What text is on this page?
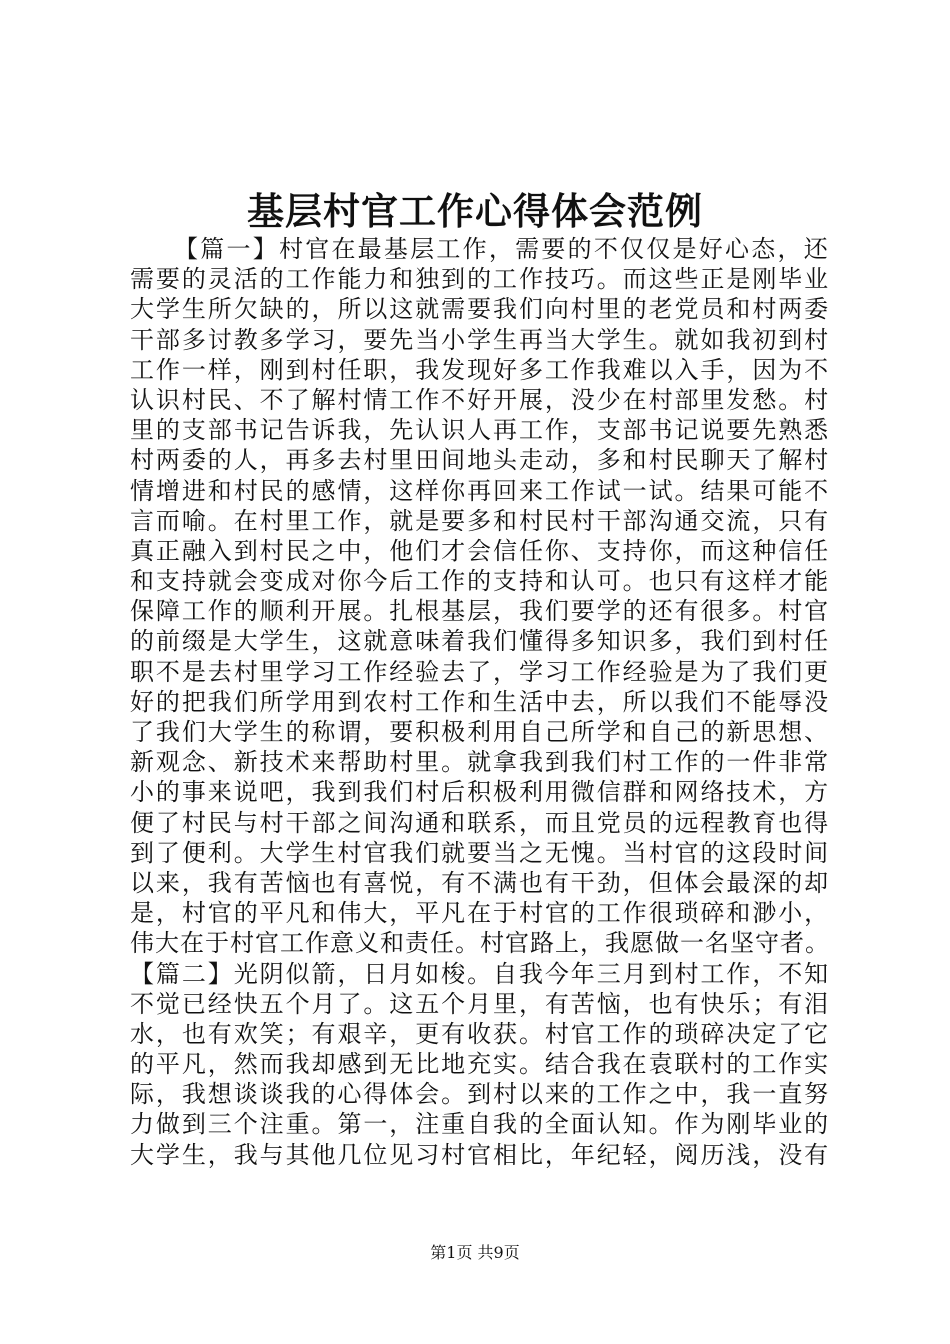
基层村官工作心得体会范例
【篇一】村官在最基层工作，需要的不仅仅是好心态，还
需要的灵活的工作能力和独到的工作技巧。而这些正是刚毕业
大学生所欠缺的，所以这就需要我们向村里的老党员和村两委
干部多讨教多学习，要先当小学生再当大学生。就如我初到村
工作一样，刚到村任职，我发现好多工作我难以入手，因为不
认识村民、不了解村情工作不好开展，没少在村部里发愁。村
里的支部书记告诉我，先认识人再工作，支部书记说要先熟悉
村两委的人，再多去村里田间地头走动，多和村民聊天了解村
情增进和村民的感情，这样你再回来工作试一试。结果可能不
言而喻。在村里工作，就是要多和村民村干部沟通交流，只有
真正融入到村民之中，他们才会信任你、支持你，而这种信任
和支持就会变成对你今后工作的支持和认可。也只有这样才能
保障工作的顺利开展。扎根基层，我们要学的还有很多。村官
的前缀是大学生，这就意味着我们懂得多知识多，我们到村任
职不是去村里学习工作经验去了，学习工作经验是为了我们更
好的把我们所学用到农村工作和生活中去，所以我们不能辱没
了我们大学生的称谓，要积极利用自己所学和自己的新思想、
新观念、新技术来帮助村里。就拿我到我们村工作的一件非常
小的事来说吧，我到我们村后积极利用微信群和网络技术，方
便了村民与村干部之间沟通和联系，而且党员的远程教育也得
到了便利。大学生村官我们就要当之无愧。当村官的这段时间
以来，我有苦恼也有喜悦，有不满也有干劲，但体会最深的却
是，村官的平凡和伟大，平凡在于村官的工作很琐碎和渺小，
伟大在于村官工作意义和责任。村官路上，我愿做一名坚守者。
【篇二】光阴似箭，日月如梭。自我今年三月到村工作，不知
不觉已经快五个月了。这五个月里，有苦恼，也有快乐；有泪
水，也有欢笑；有艰辛，更有收获。村官工作的琐碎决定了它
的平凡，然而我却感到无比地充实。结合我在袁联村的工作实
际，我想谈谈我的心得体会。到村以来的工作之中，我一直努
力做到三个注重。第一，注重自我的全面认知。作为刚毕业的
大学生，我与其他几位见习村官相比，年纪轻，阅历浅，没有
第1页 共9页
